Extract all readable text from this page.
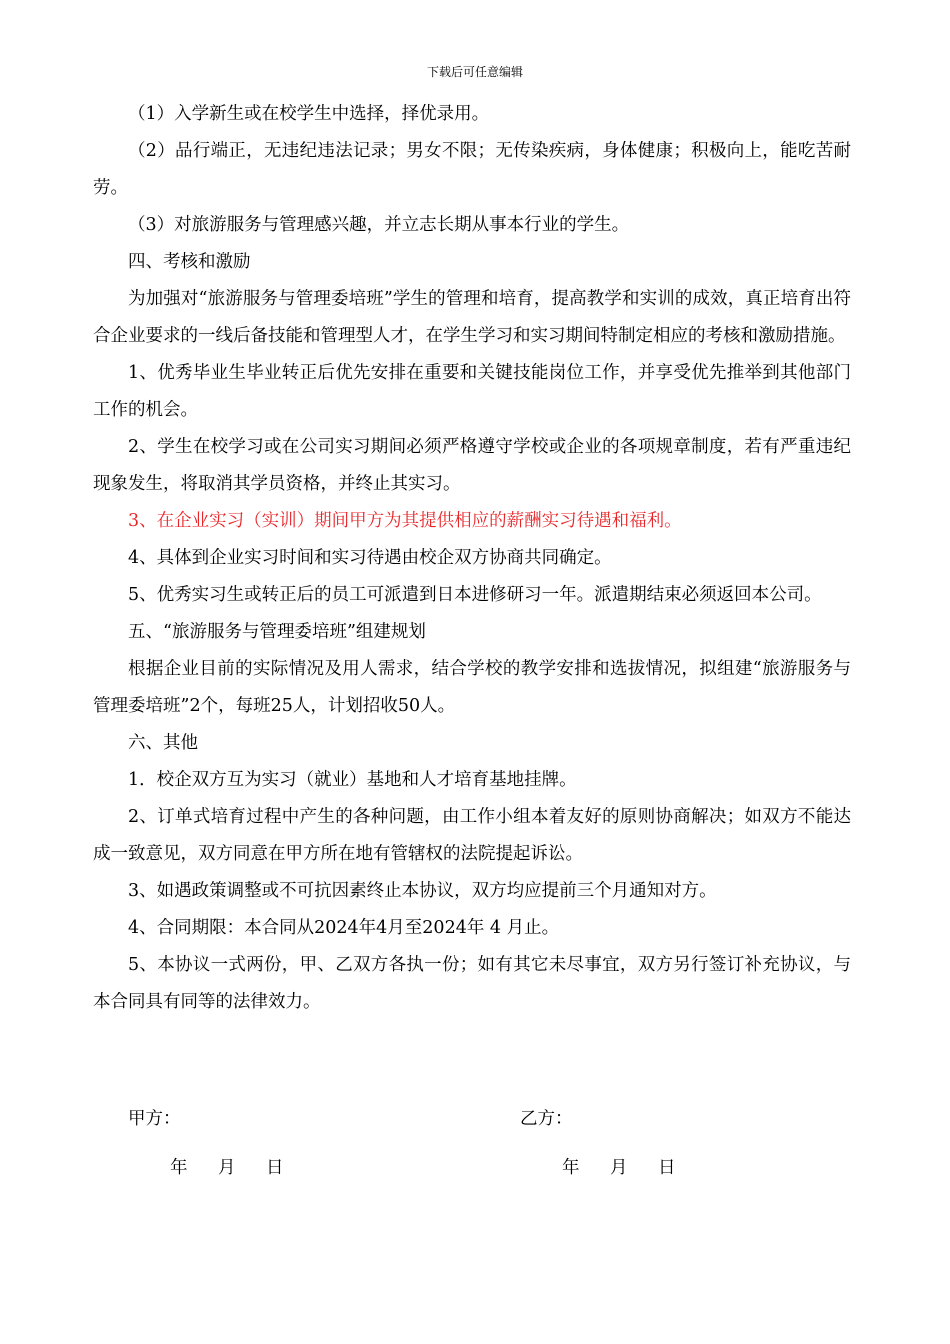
下载后可任意编辑

（1）入学新生或在校学生中选择，择优录用。

（2）品行端正，无违纪违法记录；男女不限；无传染疾病，身体健康；积极向上，能吃苦耐劳。

（3）对旅游服务与管理感兴趣，并立志长期从事本行业的学生。

四、考核和激励

为加强对“旅游服务与管理委培班”学生的管理和培育，提高教学和实训的成效，真正培育出符合企业要求的一线后备技能和管理型人才，在学生学习和实习期间特制定相应的考核和激励措施。

1、优秀毕业生毕业转正后优先安排在重要和关键技能岗位工作，并享受优先推举到其他部门工作的机会。

2、学生在校学习或在公司实习期间必须严格遵守学校或企业的各项规章制度，若有严重违纪现象发生，将取消其学员资格，并终止其实习。

3、在企业实习（实训）期间甲方为其提供相应的薪酬实习待遇和福利。

4、具体到企业实习时间和实习待遇由校企双方协商共同确定。

5、优秀实习生或转正后的员工可派遣到日本进修研习一年。派遣期结束必须返回本公司。

五、“旅游服务与管理委培班”组建规划

根据企业目前的实际情况及用人需求，结合学校的教学安排和选拔情况，拟组建“旅游服务与管理委培班”2个，每班25人，计划招收50人。

六、其他

1．校企双方互为实习（就业）基地和人才培育基地挂牌。

2、订单式培育过程中产生的各种问题，由工作小组本着友好的原则协商解决；如双方不能达成一致意见，双方同意在甲方所在地有管辖权的法院提起诉讼。

3、如遇政策调整或不可抗因素终止本协议，双方均应提前三个月通知对方。

4、合同期限：本合同从2024年4月至2024年 4 月止。

5、本协议一式两份，甲、乙双方各执一份；如有其它未尽事宜，双方另行签订补充协议，与本合同具有同等的法律效力。

甲方：	乙方：
年 月 日	年 月 日
